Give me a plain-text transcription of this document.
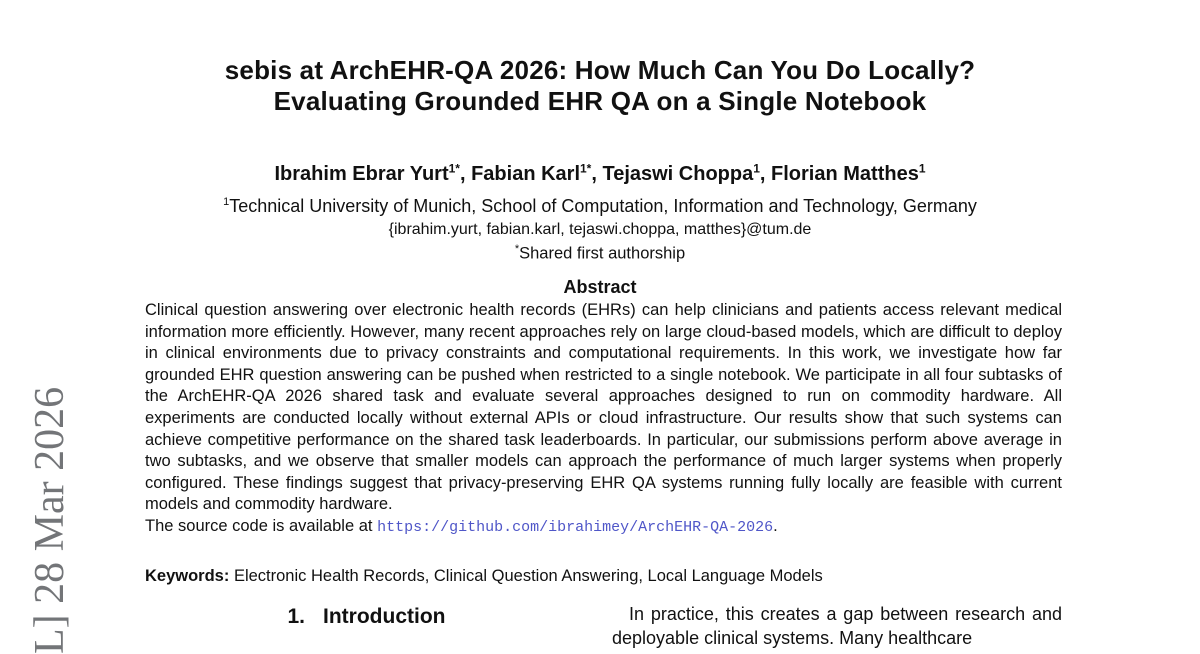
L] 28 Mar 2026
sebis at ArchEHR-QA 2026: How Much Can You Do Locally?
Evaluating Grounded EHR QA on a Single Notebook
Ibrahim Ebrar Yurt$^{1*}$, Fabian Karl$^{1*}$, Tejaswi Choppa$^1$, Florian Matthes$^1$
$^1$Technical University of Munich, School of Computation, Information and Technology, Germany
{ibrahim.yurt, fabian.karl, tejaswi.choppa, matthes}@tum.de
*Shared first authorship
Abstract

Clinical question answering over electronic health records (EHRs) can help clinicians and patients access relevant medical information more efficiently. However, many recent approaches rely on large cloud-based models, which are difficult to deploy in clinical environments due to privacy constraints and computational requirements. In this work, we investigate how far grounded EHR question answering can be pushed when restricted to a single notebook. We participate in all four subtasks of the ArchEHR-QA 2026 shared task and evaluate several approaches designed to run on commodity hardware. All experiments are conducted locally without external APIs or cloud infrastructure. Our results show that such systems can achieve competitive performance on the shared task leaderboards. In particular, our submissions perform above average in two subtasks, and we observe that smaller models can approach the performance of much larger systems when properly configured. These findings suggest that privacy-preserving EHR QA systems running fully locally are feasible with current models and commodity hardware.

The source code is available at https://github.com/ibrahimey/ArchEHR-QA-2026.
Keywords: Electronic Health Records, Clinical Question Answering, Local Language Models
1. Introduction	In practice, this creates a gap between research and deployable clinical systems. Many healthcare
